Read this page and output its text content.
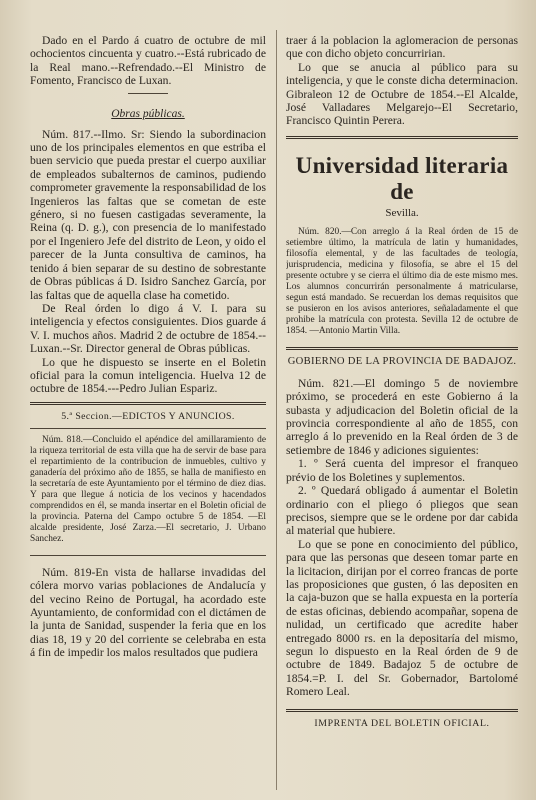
Dado en el Pardo á cuatro de octubre de mil ochocientos cincuenta y cuatro.--Está rubricado de la Real mano.--Refrendado.--El Ministro de Fomento, Francisco de Luxan.

Obras públicas.

Núm. 817.--Ilmo. Sr: Siendo la subordinacion uno de los principales elementos en que estriba el buen servicio que pueda prestar el cuerpo auxiliar de empleados subalternos de caminos, pudiendo comprometer gravemente la responsabilidad de los Ingenieros las faltas que se cometan de este género, si no fuesen castigadas severamente, la Reina (q. D. g.), con presencia de lo manifestado por el Ingeniero Jefe del distrito de Leon, y oido el parecer de la Junta consultiva de caminos, ha tenido á bien separar de su destino de sobrestante de Obras públicas á D. Isidro Sanchez García, por las faltas que de aquella clase ha cometido.

De Real órden lo digo á V. I. para su inteligencia y efectos consiguientes. Dios guarde á V. I. muchos años. Madrid 2 de octubre de 1854.--Luxan.--Sr. Director general de Obras públicas.

Lo que he dispuesto se inserte en el Boletin oficial para la comun inteligencia. Huelva 12 de octubre de 1854.---Pedro Julian Espariz.

5.ª Seccion.—EDICTOS Y ANUNCIOS.

Núm. 818.—Concluido el apéndice del amillaramiento de la riqueza territorial de esta villa que ha de servir de base para el repartimiento de la contribucion de inmuebles, cultivo y ganadería del próximo año de 1855, se halla de manifiesto en la secretaría de este Ayuntamiento por el término de diez dias. Y para que llegue á noticia de los vecinos y hacendados comprendidos en él, se manda insertar en el Boletin oficial de la provincia. Paterna del Campo octubre 5 de 1854. —El alcalde presidente, José Zarza.—El secretario, J. Urbano Sanchez.

Núm. 819-En vista de hallarse invadidas del cólera morvo varias poblaciones de Andalucía y del vecino Reino de Portugal, ha acordado este Ayuntamiento, de conformidad con el dictámen de la junta de Sanidad, suspender la feria que en los dias 18, 19 y 20 del corriente se celebraba en esta á fin de impedir los malos resultados que pudiera

traer á la poblacion la aglomeracion de personas que con dicho objeto concurririan.

Lo que se anucia al público para su inteligencia, y que le conste dicha determinacion. Gibraleon 12 de Octubre de 1854.--El Alcalde, José Valladares Melgarejo--El Secretario, Francisco Quintin Perera.

Universidad literaria de
Sevilla.

Núm. 820.—Con arreglo á la Real órden de 15 de setiembre último, la matrícula de latin y humanidades, filosofía elemental, y de las facultades de teología, jurisprudencia, medicina y filosofía, se abre el 15 del presente octubre y se cierra el último dia de este mismo mes. Los alumnos concurrirán personalmente á matricularse, segun está mandado. Se recuerdan los demas requisitos que se pusieron en los avisos anteriores, señaladamente el que prohibe la matrícula con protesta. Sevilla 12 de octubre de 1854. —Antonio Martin Villa.

GOBIERNO DE LA PROVINCIA DE BADAJOZ.

Núm. 821.—El domingo 5 de noviembre próximo, se procederá en este Gobierno á la subasta y adjudicacion del Boletin oficial de la provincia correspondiente al año de 1855, con arreglo á lo prevenido en la Real órden de 3 de setiembre de 1846 y adiciones siguientes:

1. º Será cuenta del impresor el franqueo prévio de los Boletines y suplementos.

2. º Quedará obligado á aumentar el Boletin ordinario con el pliego ó pliegos que sean precisos, siempre que se le ordene por dar cabida al material que hubiere.

Lo que se pone en conocimiento del público, para que las personas que deseen tomar parte en la licitacion, dirijan por el correo francas de porte las proposiciones que gusten, ó las depositen en la caja-buzon que se halla expuesta en la portería de estas oficinas, debiendo acompañar, sopena de nulidad, un certificado que acredite haber entregado 8000 rs. en la depositaría del mismo, segun lo dispuesto en la Real órden de 9 de octubre de 1849. Badajoz 5 de octubre de 1854.=P. I. del Sr. Gobernador, Bartolomé Romero Leal.

IMPRENTA DEL BOLETIN OFICIAL.
